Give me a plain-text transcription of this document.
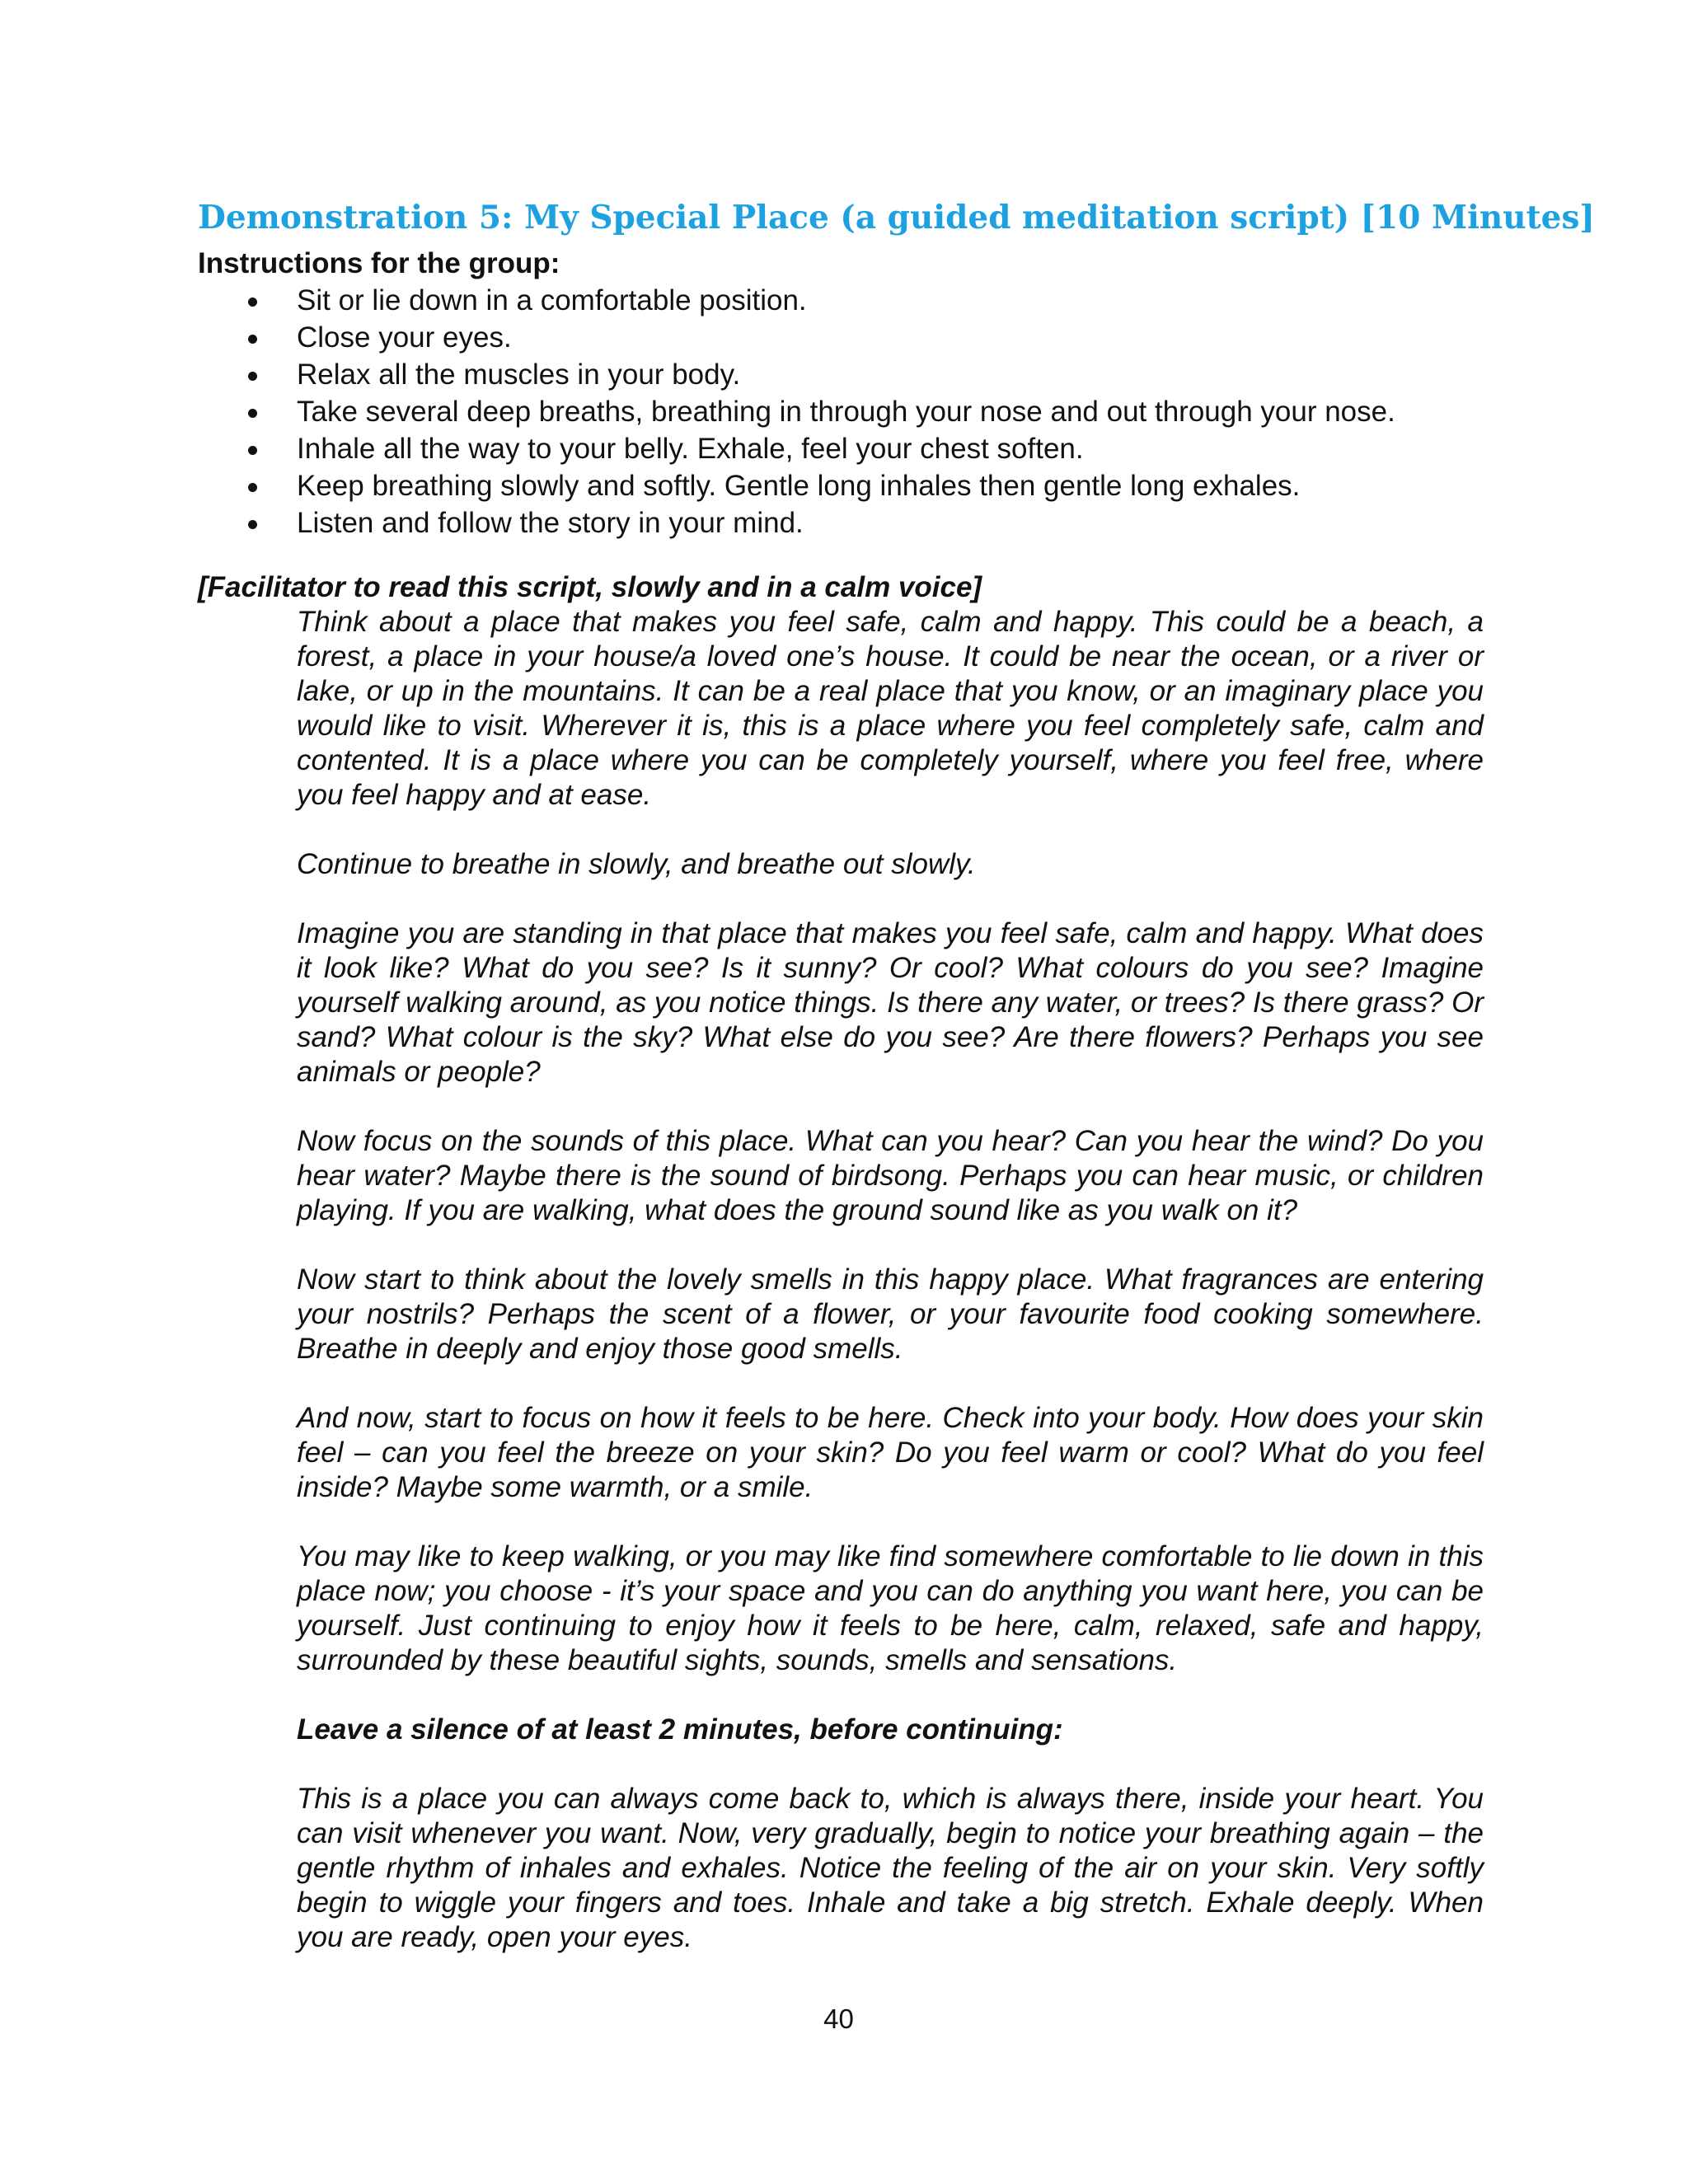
Demonstration 5: My Special Place (a guided meditation script) [10 Minutes]
Instructions for the group:
Sit or lie down in a comfortable position.
Close your eyes.
Relax all the muscles in your body.
Take several deep breaths, breathing in through your nose and out through your nose.
Inhale all the way to your belly. Exhale, feel your chest soften.
Keep breathing slowly and softly. Gentle long inhales then gentle long exhales.
Listen and follow the story in your mind.
[Facilitator to read this script, slowly and in a calm voice]

Think about a place that makes you feel safe, calm and happy. This could be a beach, a forest, a place in your house/a loved one’s house. It could be near the ocean, or a river or lake, or up in the mountains. It can be a real place that you know, or an imaginary place you would like to visit. Wherever it is, this is a place where you feel completely safe, calm and contented. It is a place where you can be completely yourself, where you feel free, where you feel happy and at ease.

Continue to breathe in slowly, and breathe out slowly.

Imagine you are standing in that place that makes you feel safe, calm and happy. What does it look like? What do you see? Is it sunny? Or cool? What colours do you see? Imagine yourself walking around, as you notice things. Is there any water, or trees? Is there grass? Or sand? What colour is the sky? What else do you see? Are there flowers? Perhaps you see animals or people?

Now focus on the sounds of this place. What can you hear? Can you hear the wind? Do you hear water? Maybe there is the sound of birdsong. Perhaps you can hear music, or children playing. If you are walking, what does the ground sound like as you walk on it?

Now start to think about the lovely smells in this happy place. What fragrances are entering your nostrils? Perhaps the scent of a flower, or your favourite food cooking somewhere. Breathe in deeply and enjoy those good smells.

And now, start to focus on how it feels to be here. Check into your body. How does your skin feel – can you feel the breeze on your skin? Do you feel warm or cool? What do you feel inside? Maybe some warmth, or a smile.

You may like to keep walking, or you may like find somewhere comfortable to lie down in this place now; you choose - it’s your space and you can do anything you want here, you can be yourself. Just continuing to enjoy how it feels to be here, calm, relaxed, safe and happy, surrounded by these beautiful sights, sounds, smells and sensations.

Leave a silence of at least 2 minutes, before continuing:

This is a place you can always come back to, which is always there, inside your heart. You can visit whenever you want. Now, very gradually, begin to notice your breathing again – the gentle rhythm of inhales and exhales. Notice the feeling of the air on your skin. Very softly begin to wiggle your fingers and toes. Inhale and take a big stretch. Exhale deeply. When you are ready, open your eyes.

40
